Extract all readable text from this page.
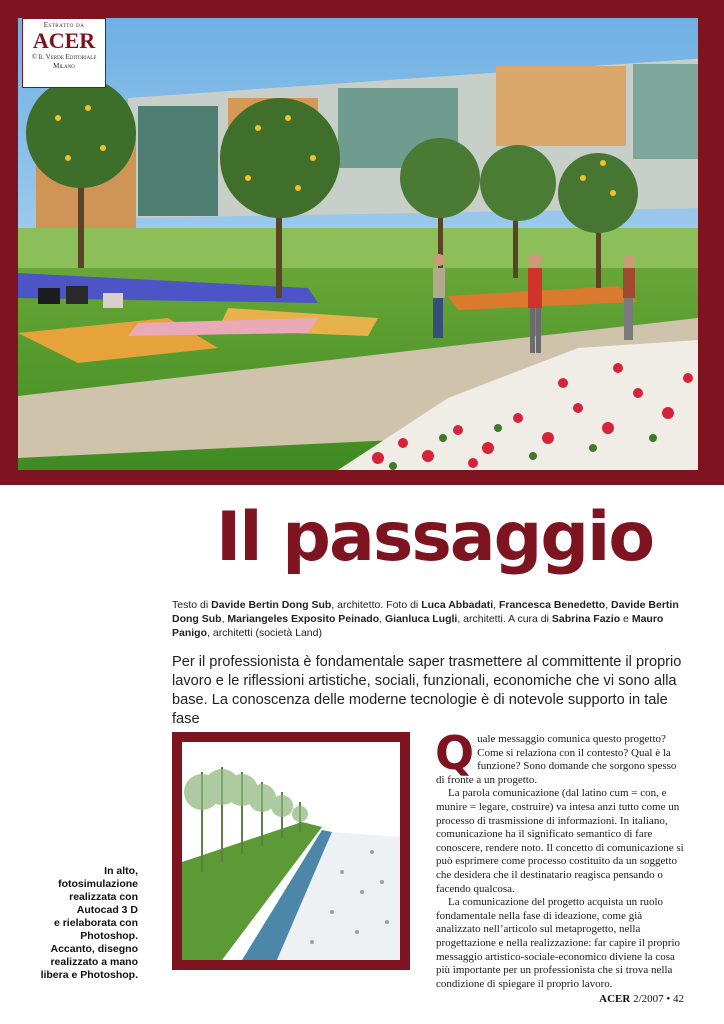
Estratto da
ACER
© Il Verde Editoriale
Milano
Il passaggio
Testo di Davide Bertin Dong Sub, architetto. Foto di Luca Abbadati, Francesca Benedetto, Davide Bertin Dong Sub, Mariangeles Exposito Peinado, Gianluca Lugli, architetti. A cura di Sabrina Fazio e Mauro Panigo, architetti (società Land)
Per il professionista è fondamentale saper trasmettere al committente il proprio lavoro e le riflessioni artistiche, sociali, funzionali, economiche che vi sono alla base. La conoscenza delle moderne tecnologie è di notevole supporto in tale fase
In alto,
fotosimulazione
realizzata con
Autocad 3 D
e rielaborata con
Photoshop.
Accanto, disegno
realizzato a mano
libera e Photoshop.

Quale messaggio comunica questo progetto? Come si relaziona con il contesto? Qual è la funzione? Sono domande che sorgono spesso di fronte a un progetto.

La parola comunicazione (dal latino cum = con, e munire = legare, costruire) va intesa anzi tutto come un processo di trasmissione di informazioni. In italiano, comunicazione ha il significato semantico di fare conoscere, rendere noto. Il concetto di comunicazione si può esprimere come processo costituito da un soggetto che desidera che il destinatario reagisca pensando o facendo qualcosa.

La comunicazione del progetto acquista un ruolo fondamentale nella fase di ideazione, come già analizzato nell’articolo sul metaprogetto, nella progettazione e nella realizzazione: far capire il proprio messaggio artistico-sociale-economico diviene la cosa più importante per un professionista che si trova nella condizione di spiegare il proprio lavoro.

ACER 2/2007 • 42
